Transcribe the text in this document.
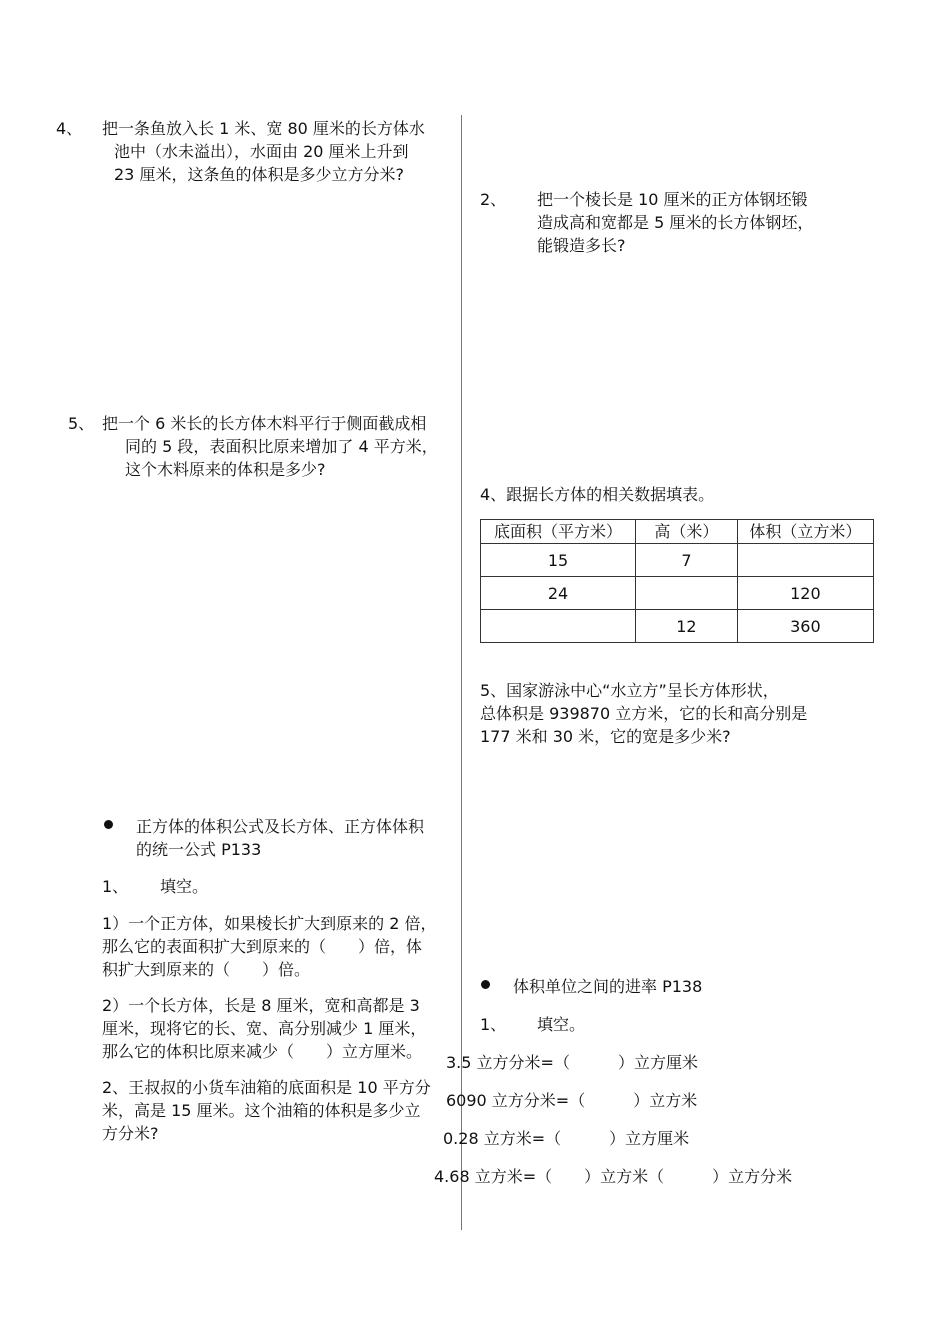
4、 把一条鱼放入长 1 米、宽 80 厘米的长方体水
池中（水未溢出），水面由 20 厘米上升到
23 厘米，这条鱼的体积是多少立方分米?
5、 把一个 6 米长的长方体木料平行于侧面截成相
同的 5 段，表面积比原来增加了 4 平方米，
这个木料原来的体积是多少?
正方体的体积公式及长方体、正方体体积
的统一公式 P133
1、 填空。
1）一个正方体，如果棱长扩大到原来的 2 倍，
那么它的表面积扩大到原来的（　　）倍，体
积扩大到原来的（　　）倍。
2）一个长方体，长是 8 厘米，宽和高都是 3
厘米，现将它的长、宽、高分别减少 1 厘米，
那么它的体积比原来减少（　　）立方厘米。
2、王叔叔的小货车油箱的底面积是 10 平方分
米，高是 15 厘米。这个油箱的体积是多少立
方分米?
2、 把一个棱长是 10 厘米的正方体钢坯锻
造成高和宽都是 5 厘米的长方体钢坯，
能锻造多长?
4、跟据长方体的相关数据填表。
底面积（平方米）	高（米）	体积（立方米）
15	7	
24		120
	12	360
5、国家游泳中心“水立方”呈长方体形状，
总体积是 939870 立方米，它的长和高分别是
177 米和 30 米，它的宽是多少米?
体积单位之间的进率 P138
1、 填空。
3.5 立方分米=（　　　）立方厘米
6090 立方分米=（　　　）立方米
0.28 立方米=（　　　）立方厘米
4.68 立方米=（　　）立方米（　　　）立方分米
